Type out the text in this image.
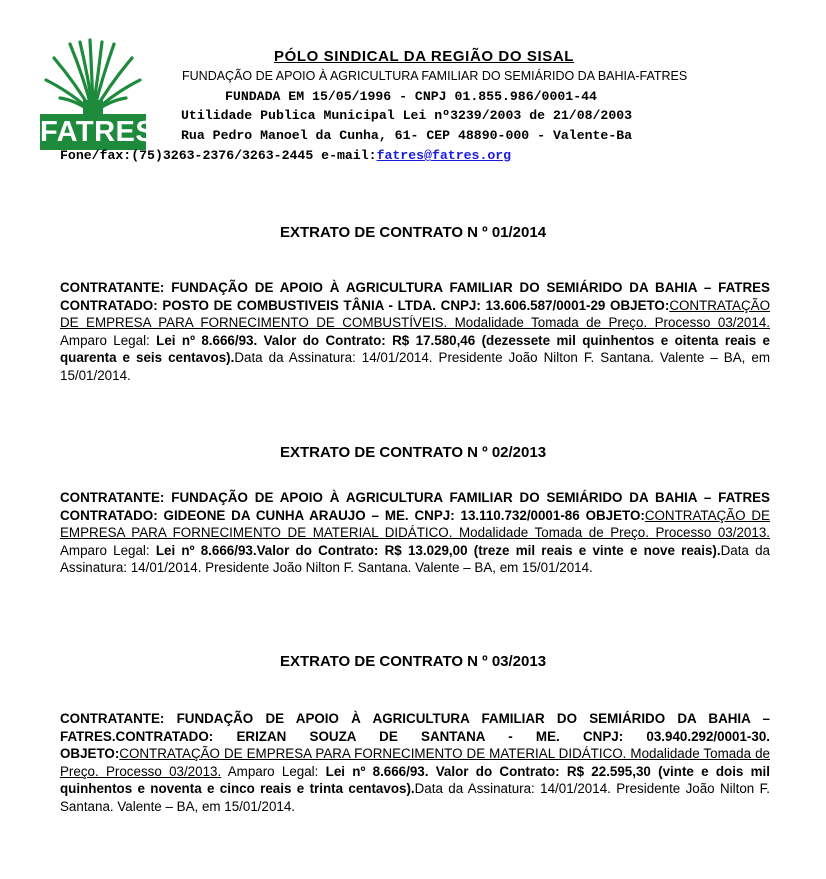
FATRES
PÓLO SINDICAL DA REGIÃO DO SISAL
FUNDAÇÃO DE APOIO À AGRICULTURA FAMILIAR DO SEMIÁRIDO DA BAHIA-FATRES
FUNDADA EM 15/05/1996 - CNPJ 01.855.986/0001-44
Utilidade Publica Municipal Lei nº3239/2003 de 21/08/2003
Rua Pedro Manoel da Cunha, 61- CEP 48890-000 - Valente-Ba
Fone/fax:(75)3263-2376/3263-2445 e-mail:fatres@fatres.org
EXTRATO DE CONTRATO N º 01/2014
CONTRATANTE: FUNDAÇÃO DE APOIO À AGRICULTURA FAMILIAR DO SEMIÁRIDO DA BAHIA – FATRES CONTRATADO: POSTO DE COMBUSTIVEIS TÂNIA - LTDA. CNPJ: 13.606.587/0001-29 OBJETO:CONTRATAÇÃO DE EMPRESA PARA FORNECIMENTO DE COMBUSTÍVEIS. Modalidade Tomada de Preço. Processo 03/2014. Amparo Legal: Lei nº 8.666/93. Valor do Contrato: R$ 17.580,46 (dezessete mil quinhentos e oitenta reais e quarenta e seis centavos).Data da Assinatura: 14/01/2014. Presidente João Nilton F. Santana. Valente – BA, em 15/01/2014.
EXTRATO DE CONTRATO N º 02/2013
CONTRATANTE: FUNDAÇÃO DE APOIO À AGRICULTURA FAMILIAR DO SEMIÁRIDO DA BAHIA – FATRES CONTRATADO: GIDEONE DA CUNHA ARAUJO – ME. CNPJ: 13.110.732/0001-86 OBJETO:CONTRATAÇÃO DE EMPRESA PARA FORNECIMENTO DE MATERIAL DIDÁTICO. Modalidade Tomada de Preço. Processo 03/2013. Amparo Legal: Lei nº 8.666/93.Valor do Contrato: R$ 13.029,00 (treze mil reais e vinte e nove reais).Data da Assinatura: 14/01/2014. Presidente João Nilton F. Santana. Valente – BA, em 15/01/2014.
EXTRATO DE CONTRATO N º 03/2013
CONTRATANTE: FUNDAÇÃO DE APOIO À AGRICULTURA FAMILIAR DO SEMIÁRIDO DA BAHIA – FATRES.CONTRATADO: ERIZAN SOUZA DE SANTANA - ME. CNPJ: 03.940.292/0001-30. OBJETO:CONTRATAÇÃO DE EMPRESA PARA FORNECIMENTO DE MATERIAL DIDÁTICO. Modalidade Tomada de Preço. Processo 03/2013. Amparo Legal: Lei nº 8.666/93. Valor do Contrato: R$ 22.595,30 (vinte e dois mil quinhentos e noventa e cinco reais e trinta centavos).Data da Assinatura: 14/01/2014. Presidente João Nilton F. Santana. Valente – BA, em 15/01/2014.
